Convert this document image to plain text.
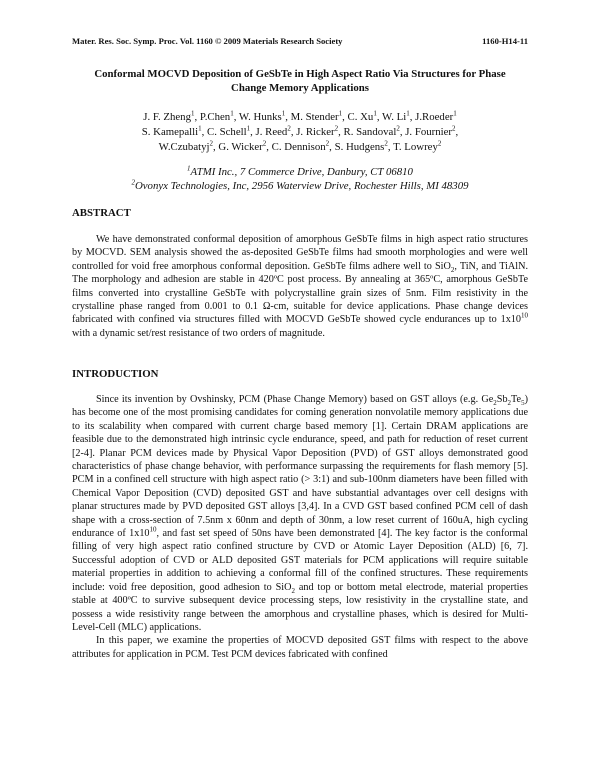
Mater. Res. Soc. Symp. Proc. Vol. 1160 © 2009 Materials Research Society	1160-H14-11
Conformal MOCVD Deposition of GeSbTe in High Aspect Ratio Via Structures for Phase
Change Memory Applications
J. F. Zheng$^1$, P.Chen$^1$, W. Hunks$^1$, M. Stender$^1$, C. Xu$^1$, W. Li$^1$, J.Roeder$^1$
S. Kamepalli$^1$, C. Schell$^1$, J. Reed$^2$, J. Ricker$^2$, R. Sandoval$^2$, J. Fournier$^2$,
W.Czubatyj$^2$, G. Wicker$^2$, C. Dennison$^2$, S. Hudgens$^2$, T. Lowrey$^2$
$^1$ATMI Inc., 7 Commerce Drive, Danbury, CT 06810
$^2$Ovonyx Technologies, Inc, 2956 Waterview Drive, Rochester Hills, MI 48309
ABSTRACT

We have demonstrated conformal deposition of amorphous GeSbTe films in high aspect ratio structures by MOCVD. SEM analysis showed the as-deposited GeSbTe films had smooth morphologies and were well controlled for void free amorphous conformal deposition. GeSbTe films adhere well to SiO$_2$, TiN, and TiAlN. The morphology and adhesion are stable in 420ºC post process. By annealing at 365ºC, amorphous GeSbTe films converted into crystalline GeSbTe with polycrystalline grain sizes of 5nm. Film resistivity in the crystalline phase ranged from 0.001 to 0.1 Ω-cm, suitable for device applications. Phase change devices fabricated with confined via structures filled with MOCVD GeSbTe showed cycle endurances up to $1x10^{10}$ with a dynamic set/rest resistance of two orders of magnitude.

INTRODUCTION

Since its invention by Ovshinsky, PCM (Phase Change Memory) based on GST alloys (e.g. $Ge_2Sb_2Te_5$) has become one of the most promising candidates for coming generation nonvolatile memory applications due to its scalability when compared with current charge based memory [1]. Certain DRAM applications are feasible due to the demonstrated high intrinsic cycle endurance, speed, and path for reduction of reset current [2-4]. Planar PCM devices made by Physical Vapor Deposition (PVD) of GST alloys demonstrated good characteristics of phase change behavior, with performance surpassing the requirements for flash memory [5]. PCM in a confined cell structure with high aspect ratio (> 3:1) and sub-100nm diameters have been filled with Chemical Vapor Deposition (CVD) deposited GST and have substantial advantages over cell designs with planar structures made by PVD deposited GST alloys [3,4]. In a CVD GST based confined PCM cell of dash shape with a cross-section of 7.5nm x 60nm and depth of 30nm, a low reset current of 160uA, high cycling endurance of $1x10^{10}$, and fast set speed of 50ns have been demonstrated [4]. The key factor is the conformal filling of very high aspect ratio confined structure by CVD or Atomic Layer Deposition (ALD) [6, 7]. Successful adoption of CVD or ALD deposited GST materials for PCM applications will require suitable material properties in addition to achieving a conformal fill of the confined structures. These requirements include: void free deposition, good adhesion to SiO$_2$ and top or bottom metal electrode, material properties stable at 400ºC to survive subsequent device processing steps, low resistivity in the crystalline state, and possess a wide resistivity range between the amorphous and crystalline phases, which is desired for Multi-Level-Cell (MLC) applications.

In this paper, we examine the properties of MOCVD deposited GST films with respect to the above attributes for application in PCM. Test PCM devices fabricated with confined
